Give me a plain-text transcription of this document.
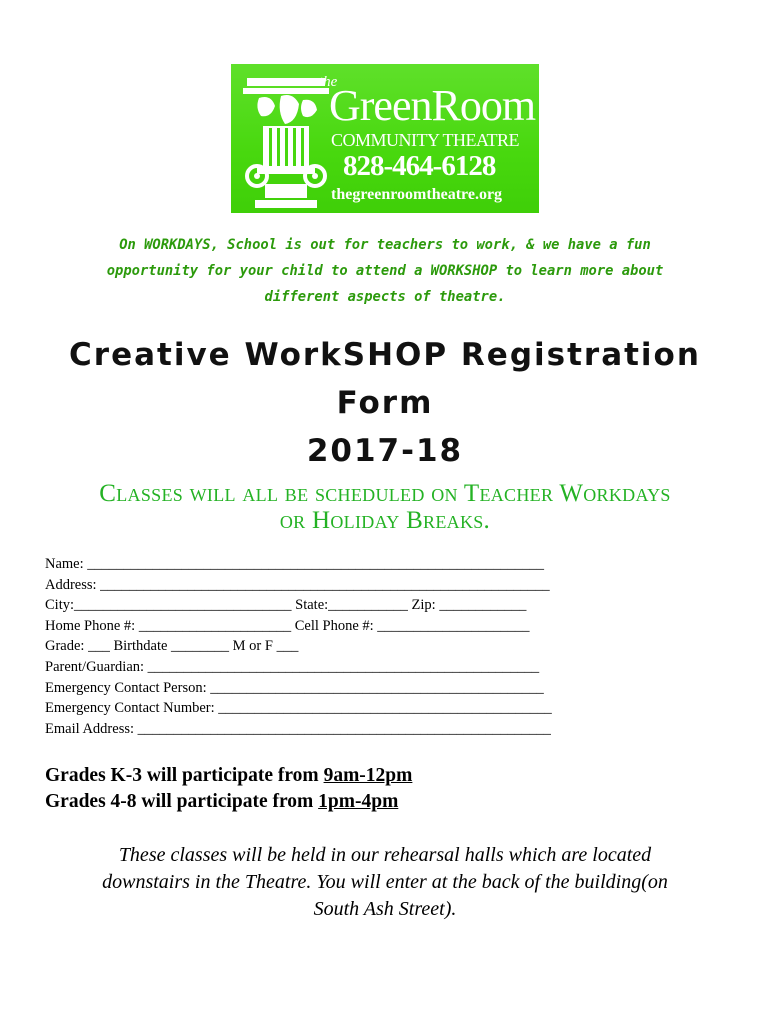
the
GreenRoom
COMMUNITY THEATRE
828-464-6128
thegreenroomtheatre.org
On WORKDAYS, School is out for teachers to work, & we have a fun
opportunity for your child to attend a WORKSHOP to learn more about
different aspects of theatre.
Creative WorkSHOP Registration
Form
2017-18
Classes will all be scheduled on Teacher Workdays
or Holiday Breaks.
Name: _______________________________________________________________
Address: ______________________________________________________________
City:______________________________ State:___________ Zip: ____________
Home Phone #: _____________________ Cell Phone #: _____________________
Grade: ___ Birthdate ________ M or F ___
Parent/Guardian: ______________________________________________________
Emergency Contact Person: ______________________________________________
Emergency Contact Number: ______________________________________________
Email Address: _________________________________________________________
Grades K-3 will participate from 9am-12pm
Grades 4-8 will participate from 1pm-4pm
These classes will be held in our rehearsal halls which are located
downstairs in the Theatre. You will enter at the back of the building(on
South Ash Street).
